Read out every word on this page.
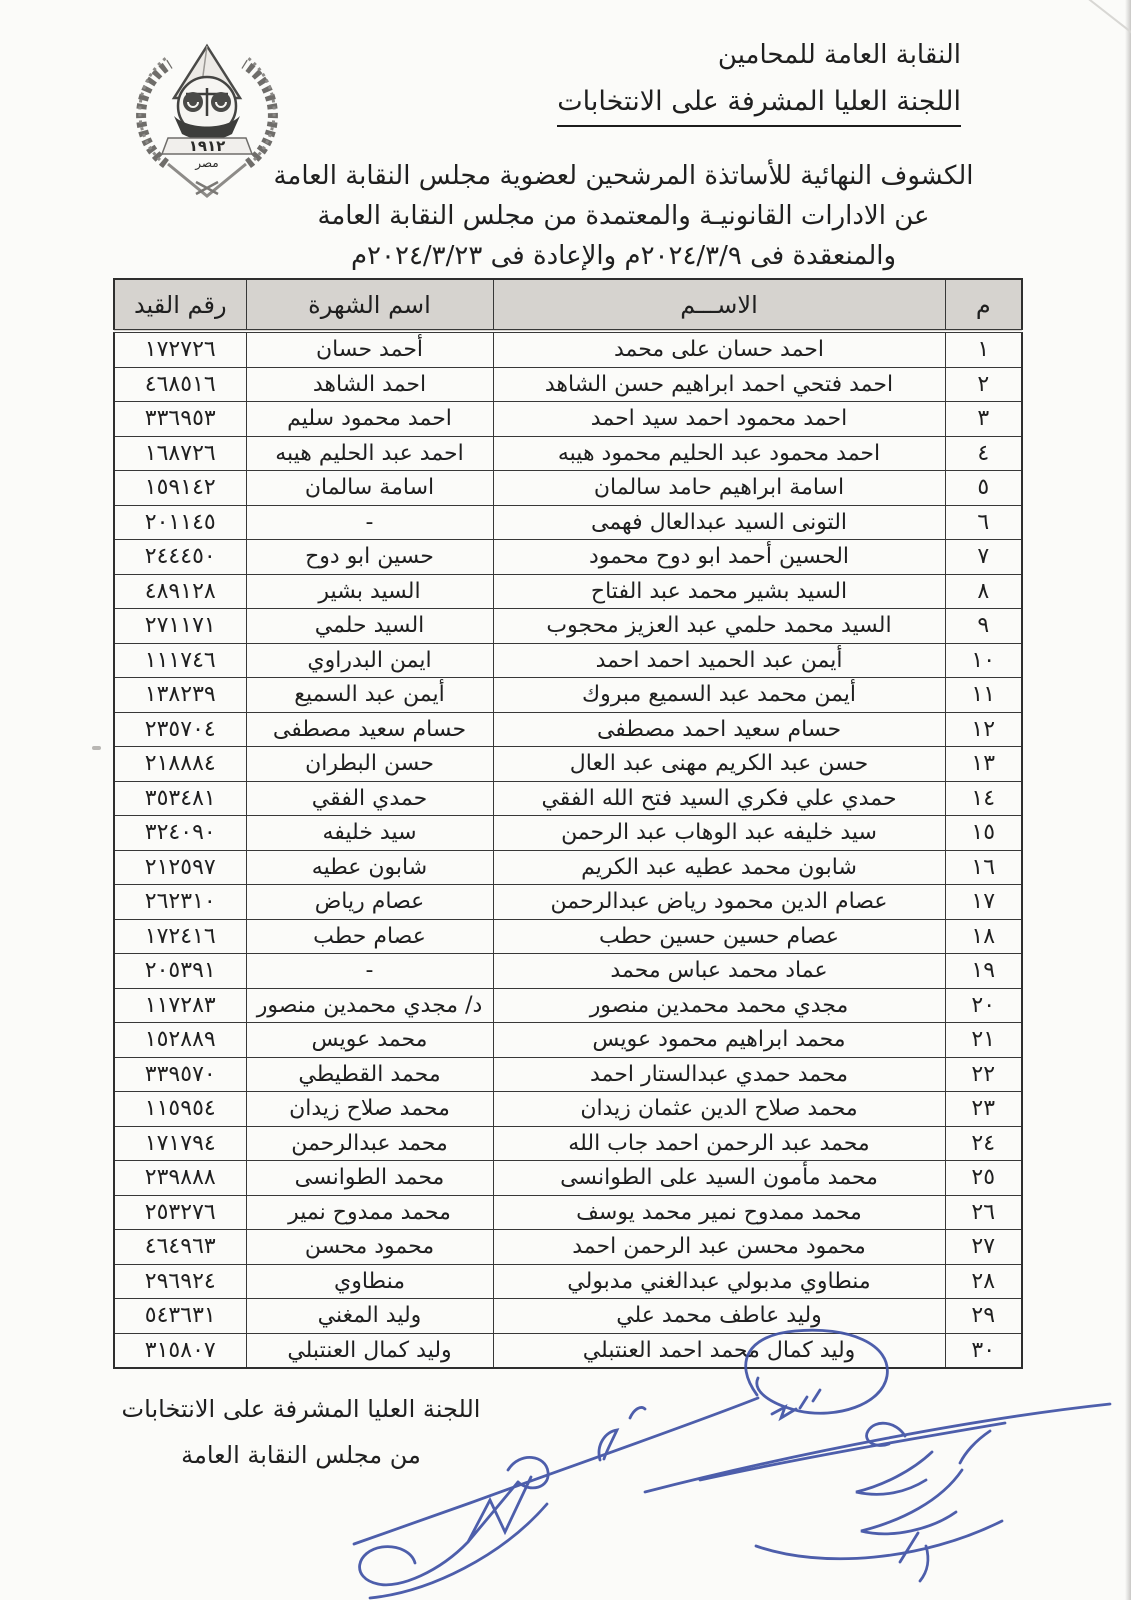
١٩١٢
مصر
النقابة العامة للمحامين
اللجنة العليا المشرفة على الانتخابات
الكشوف النهائية للأساتذة المرشحين لعضوية مجلس النقابة العامة
عن الادارات القانونيـة والمعتمدة من مجلس النقابة العامة
والمنعقدة فى ٢٠٢٤/٣/٩م والإعادة فى ٢٠٢٤/٣/٢٣م
م	الاســـم	اسم الشهرة	رقم القيد
١	احمد حسان على محمد	أحمد حسان	١٧٢٧٢٦
٢	احمد فتحي احمد ابراهيم حسن الشاهد	احمد الشاهد	٤٦٨٥١٦
٣	احمد محمود احمد سيد احمد	احمد محمود سليم	٣٣٦٩٥٣
٤	احمد محمود عبد الحليم محمود هيبه	احمد عبد الحليم هيبه	١٦٨٧٢٦
٥	اسامة ابراهيم حامد سالمان	اسامة سالمان	١٥٩١٤٢
٦	التونى السيد عبدالعال فهمى	-	٢٠١١٤٥
٧	الحسين أحمد ابو دوح محمود	حسين ابو دوح	٢٤٤٤٥٠
٨	السيد بشير محمد عبد الفتاح	السيد بشير	٤٨٩١٢٨
٩	السيد محمد حلمي عبد العزيز محجوب	السيد حلمي	٢٧١١٧١
١٠	أيمن عبد الحميد احمد احمد	ايمن البدراوي	١١١٧٤٦
١١	أيمن محمد عبد السميع مبروك	أيمن عبد السميع	١٣٨٢٣٩
١٢	حسام سعيد احمد مصطفى	حسام سعيد مصطفى	٢٣٥٧٠٤
١٣	حسن عبد الكريم مهنى عبد العال	حسن البطران	٢١٨٨٨٤
١٤	حمدي علي فكري السيد فتح الله الفقي	حمدي الفقي	٣٥٣٤٨١
١٥	سيد خليفه عبد الوهاب عبد الرحمن	سيد خليفه	٣٢٤٠٩٠
١٦	شابون محمد عطيه عبد الكريم	شابون عطيه	٢١٢٥٩٧
١٧	عصام الدين محمود رياض عبدالرحمن	عصام رياض	٢٦٢٣١٠
١٨	عصام حسين حسين حطب	عصام حطب	١٧٢٤١٦
١٩	عماد محمد عباس محمد	-	٢٠٥٣٩١
٢٠	مجدي محمد محمدين منصور	د/ مجدي محمدين منصور	١١٧٢٨٣
٢١	محمد ابراهيم محمود عويس	محمد عويس	١٥٢٨٨٩
٢٢	محمد حمدي عبدالستار احمد	محمد القطيطي	٣٣٩٥٧٠
٢٣	محمد صلاح الدين عثمان زيدان	محمد صلاح زيدان	١١٥٩٥٤
٢٤	محمد عبد الرحمن احمد جاب الله	محمد عبدالرحمن	١٧١٧٩٤
٢٥	محمد مأمون السيد على الطوانسى	محمد الطوانسى	٢٣٩٨٨٨
٢٦	محمد ممدوح نمير محمد يوسف	محمد ممدوح نمير	٢٥٣٢٧٦
٢٧	محمود محسن عبد الرحمن احمد	محمود محسن	٤٦٤٩٦٣
٢٨	منطاوي مدبولي عبدالغني مدبولي	منطاوي	٢٩٦٩٢٤
٢٩	وليد عاطف محمد علي	وليد المغني	٥٤٣٦٣١
٣٠	وليد كمال محمد احمد العنتبلي	وليد كمال العنتبلي	٣١٥٨٠٧
اللجنة العليا المشرفة على الانتخابات
من مجلس النقابة العامة
